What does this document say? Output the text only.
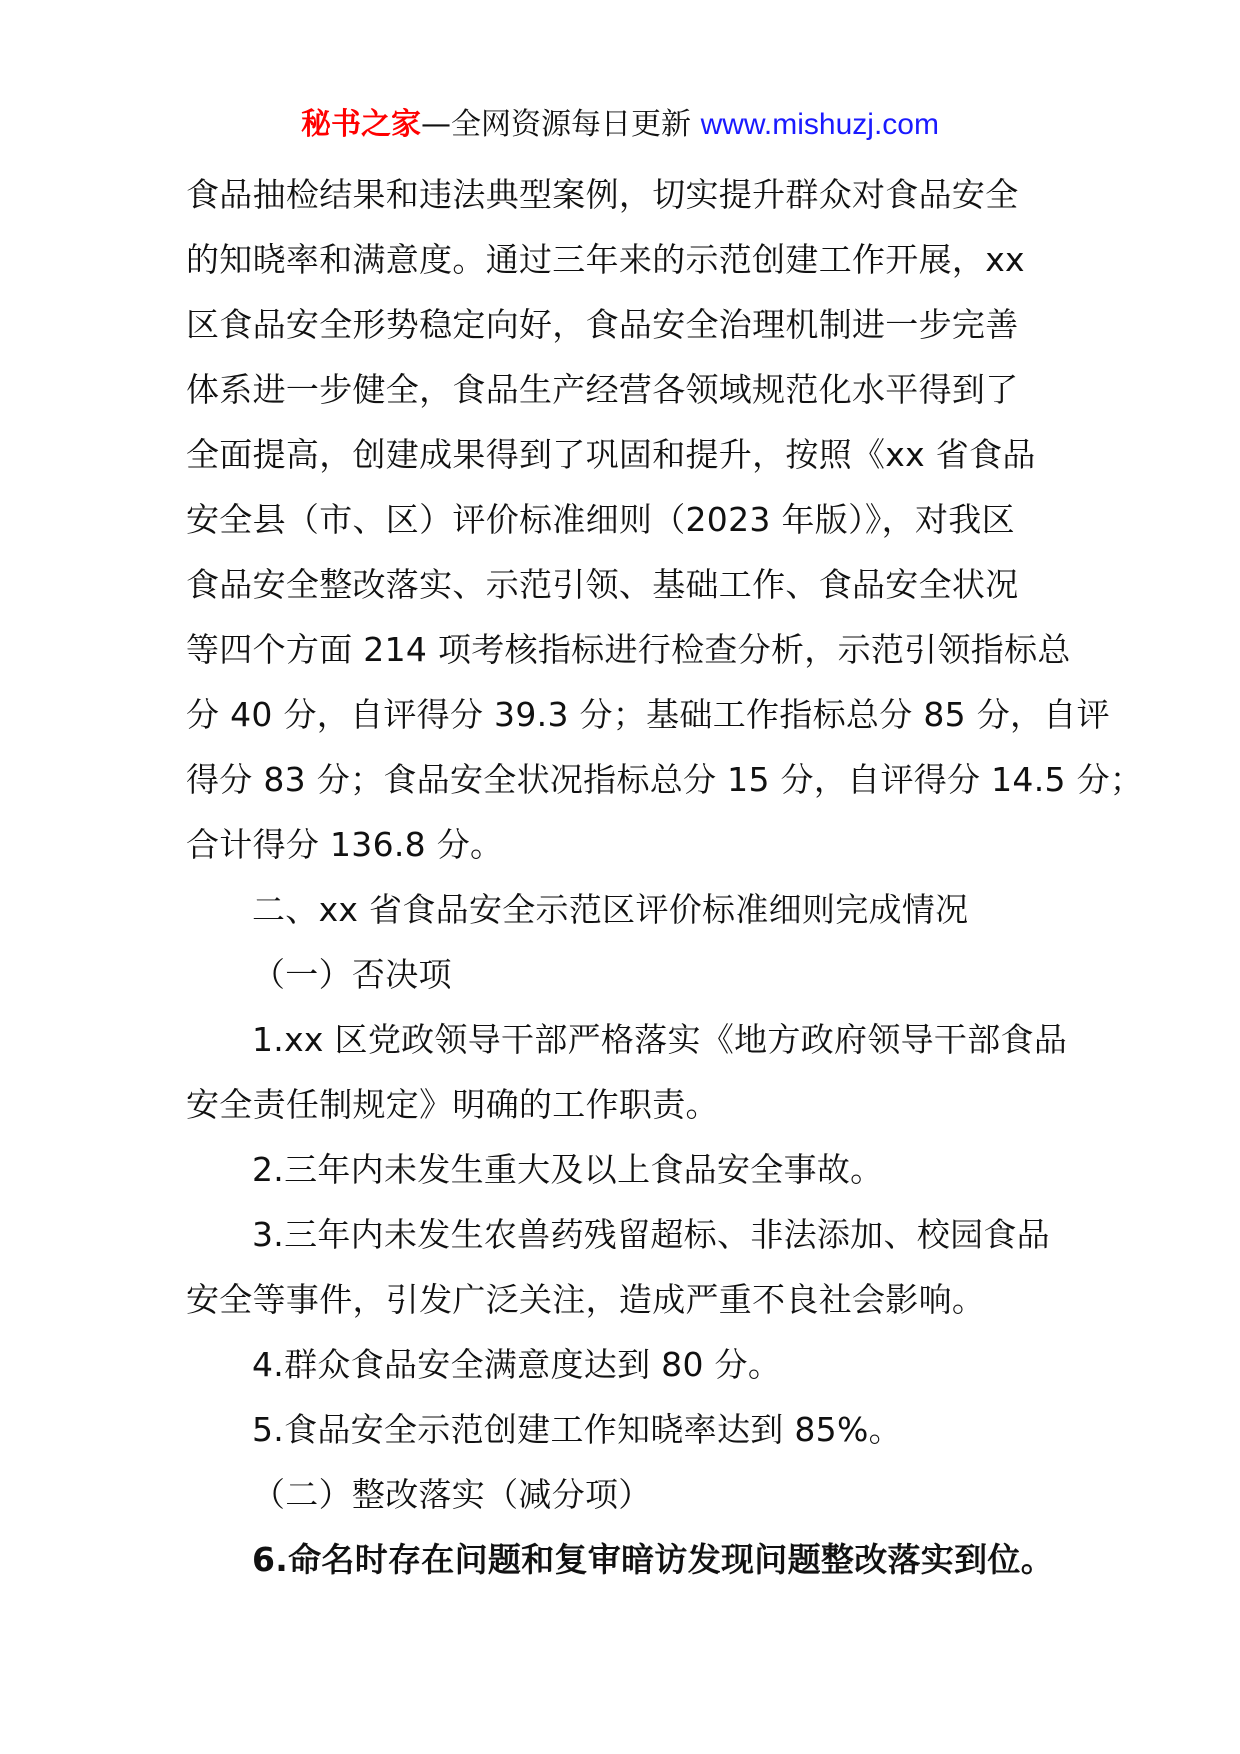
秘书之家—全网资源每日更新 www.mishuzj.com
食品抽检结果和违法典型案例，切实提升群众对食品安全
的知晓率和满意度。通过三年来的示范创建工作开展，xx
区食品安全形势稳定向好，食品安全治理机制进一步完善
体系进一步健全，食品生产经营各领域规范化水平得到了
全面提高，创建成果得到了巩固和提升，按照《xx 省食品
安全县（市、区）评价标准细则（2023 年版）》，对我区
食品安全整改落实、示范引领、基础工作、食品安全状况
等四个方面 214 项考核指标进行检查分析，示范引领指标总
分 40 分，自评得分 39.3 分；基础工作指标总分 85 分，自评
得分 83 分；食品安全状况指标总分 15 分，自评得分 14.5 分；
合计得分 136.8 分。
二、xx 省食品安全示范区评价标准细则完成情况
（一）否决项
1.xx 区党政领导干部严格落实《地方政府领导干部食品
安全责任制规定》明确的工作职责。
2.三年内未发生重大及以上食品安全事故。
3.三年内未发生农兽药残留超标、非法添加、校园食品
安全等事件，引发广泛关注，造成严重不良社会影响。
4.群众食品安全满意度达到 80 分。
5.食品安全示范创建工作知晓率达到 85%。
（二）整改落实（减分项）
6.命名时存在问题和复审暗访发现问题整改落实到位。
